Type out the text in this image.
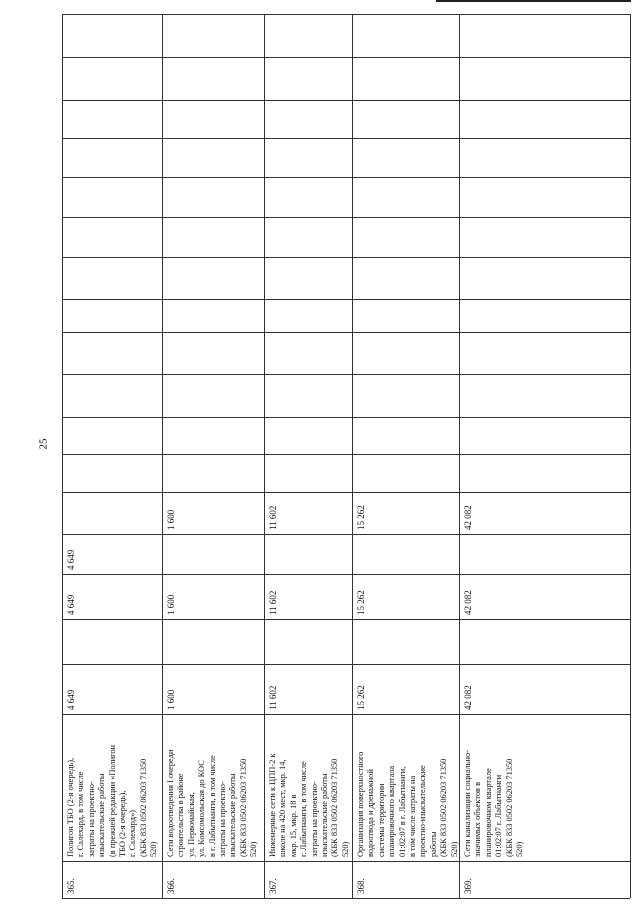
25
365.
Полигон ТБО (2-я очередь), г. Салехард, в том числе затраты на проектно- изыскательские работы (в прежней редакции «Полигон ТБО (2-я очередь), г. Салехард») (КБК 833 0502 06203 71350 520)
4 649
4 649
4 649
366.
Сети водоотведения I очереди строительства в районе ул. Первомайская, ул. Комсомольская до КОС в г. Лабытнанги, в том числе затраты на проектно- изыскательские работы (КБК 833 0502 06203 71350 520)
1 600
1 600
1 600
367.
Инженерные сети к ЦПП-2 к школе на 420 мест, мкр. 14, мкр. 15, мкр. 18 в г. Лабытнанги, в том числе затраты на проектно- изыскательские работы (КБК 833 0502 06203 71350 520)
11 602
11 602
11 602
368.
Организация поверхностного водоотвода и дренажной системы территории планировочного квартала 01:02:07 в г. Лабытнанги, в том числе затраты на проектно-изыскательские работы (КБК 833 0502 06203 71350 520)
15 262
15 262
15 262
369.
Сети канализации социально- значимых объектов в планировочном квартале 01:02:07 г. Лабытнанги (КБК 833 0502 06203 71350 520)
42 082
42 082
42 082
